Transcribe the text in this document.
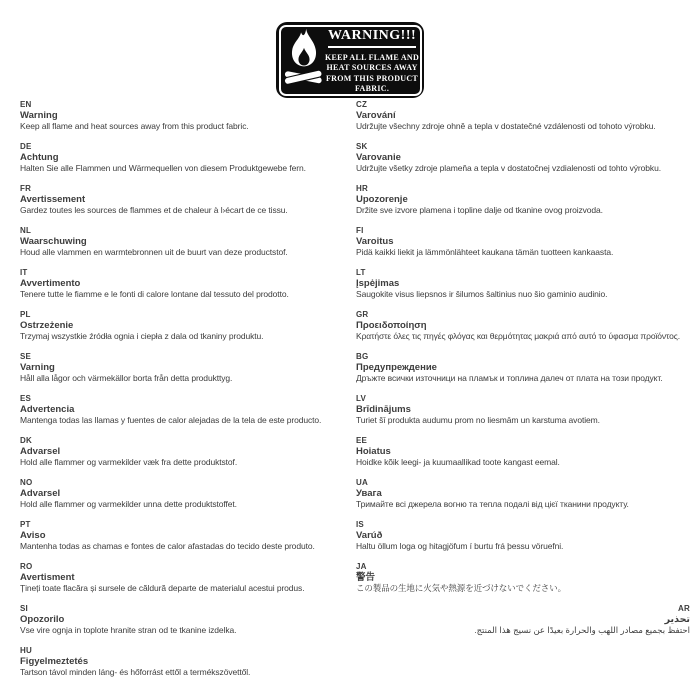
WARNING!!!
KEEP ALL FLAME AND
HEAT SOURCES AWAY
FROM THIS PRODUCT
FABRIC.
EN
Warning
Keep all flame and heat sources away from this product fabric.
DE
Achtung
Halten Sie alle Flammen und Wärmequellen von diesem Produktgewebe fern.
FR
Avertissement
Gardez toutes les sources de flammes et de chaleur à l›écart de ce tissu.
NL
Waarschuwing
Houd alle vlammen en warmtebronnen uit de buurt van deze productstof.
IT
Avvertimento
Tenere tutte le fiamme e le fonti di calore lontane dal tessuto del prodotto.
PL
Ostrzeżenie
Trzymaj wszystkie źródła ognia i ciepła z dala od tkaniny produktu.
SE
Varning
Håll alla lågor och värmekällor borta från detta produkttyg.
ES
Advertencia
Mantenga todas las llamas y fuentes de calor alejadas de la tela de este producto.
DK
Advarsel
Hold alle flammer og varmekilder væk fra dette produktstof.
NO
Advarsel
Hold alle flammer og varmekilder unna dette produktstoffet.
PT
Aviso
Mantenha todas as chamas e fontes de calor afastadas do tecido deste produto.
RO
Avertisment
Țineți toate flacăra și sursele de căldură departe de materialul acestui produs.
SI
Opozorilo
Vse vire ognja in toplote hranite stran od te tkanine izdelka.
HU
Figyelmeztetés
Tartson távol minden láng- és hőforrást ettől a termékszövettől.
CZ
Varování
Udržujte všechny zdroje ohně a tepla v dostatečné vzdálenosti od tohoto výrobku.
SK
Varovanie
Udržujte všetky zdroje plameňa a tepla v dostatočnej vzdialenosti od tohto výrobku.
HR
Upozorenje
Držite sve izvore plamena i topline dalje od tkanine ovog proizvoda.
FI
Varoitus
Pidä kaikki liekit ja lämmönlähteet kaukana tämän tuotteen kankaasta.
LT
Įspėjimas
Saugokite visus liepsnos ir šilumos šaltinius nuo šio gaminio audinio.
GR
Προειδοποίηση
Κρατήστε όλες τις πηγές φλόγας και θερμότητας μακριά από αυτό το ύφασμα προϊόντος.
BG
Предупреждение
Дръжте всички източници на пламък и топлина далеч от плата на този продукт.
LV
Brīdinājums
Turiet šī produkta audumu prom no liesmām un karstuma avotiem.
EE
Hoiatus
Hoidke kõik leegi- ja kuumaallikad toote kangast eemal.
UA
Увага
Тримайте всі джерела вогню та тепла подалі від цієї тканини продукту.
IS
Varúð
Haltu öllum loga og hitagjöfum í burtu frá þessu vöruefni.
JA
警告
この製品の生地に火気や熱源を近づけないでください。
AR
تحذير
احتفظ بجميع مصادر اللهب والحرارة بعيدًا عن نسيج هذا المنتج.
